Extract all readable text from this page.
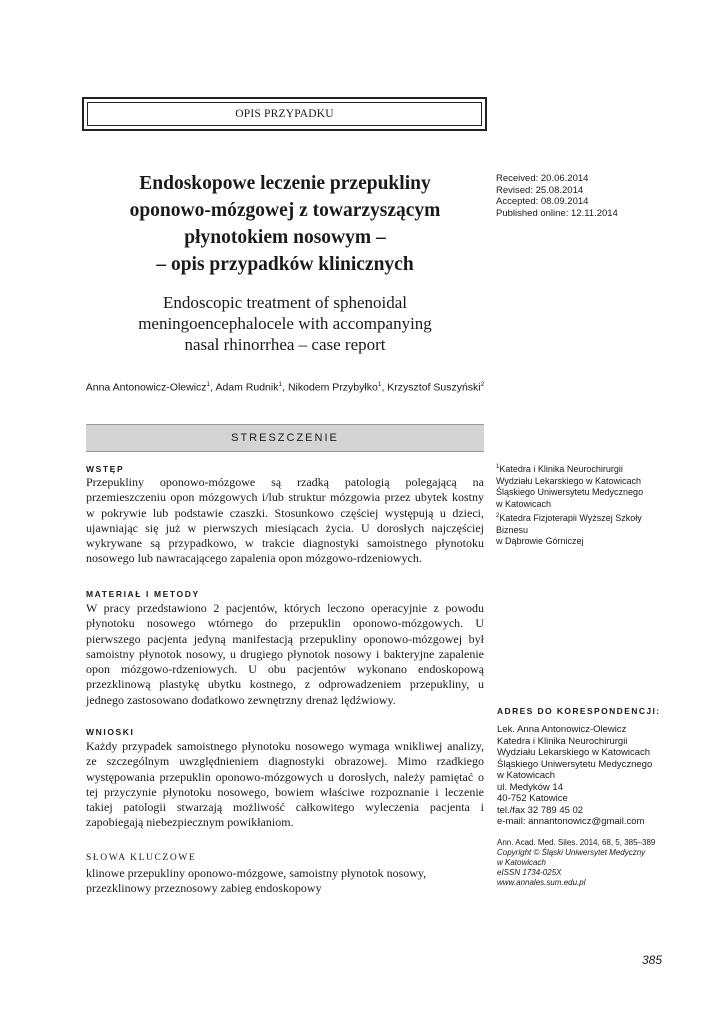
OPIS PRZYPADKU
Endoskopowe leczenie przepukliny
oponowo-mózgowej z towarzyszącym
płynotokiem nosowym –
– opis przypadków klinicznych
Endoscopic treatment of sphenoidal
meningoencephalocele with accompanying
nasal rhinorrhea – case report
Anna Antonowicz-Olewicz$^1$, Adam Rudnik$^1$, Nikodem Przybyłko$^1$, Krzysztof Suszyński$^2$
Received: 20.06.2014
Revised: 25.08.2014
Accepted: 08.09.2014
Published online: 12.11.2014
STRESZCZENIE
WSTĘP
Przepukliny oponowo-mózgowe są rzadką patologią polegającą na przemieszczeniu opon mózgowych i/lub struktur mózgowia przez ubytek kostny w pokrywie lub podstawie czaszki. Stosunkowo częściej występują u dzieci, ujawniając się już w pierwszych miesiącach życia. U dorosłych najczęściej wykrywane są przypadkowo, w trakcie diagnostyki samoistnego płynotoku nosowego lub nawracającego zapalenia opon mózgowo-rdzeniowych.
MATERIAŁ I METODY
W pracy przedstawiono 2 pacjentów, których leczono operacyjnie z powodu płynotoku nosowego wtórnego do przepuklin oponowo-mózgowych. U pierwszego pacjenta jedyną manifestacją przepukliny oponowo-mózgowej był samoistny płynotok nosowy, u drugiego płynotok nosowy i bakteryjne zapalenie opon mózgowo-rdzeniowych. U obu pacjentów wykonano endoskopową przezklinową plastykę ubytku kostnego, z odprowadzeniem przepukliny, u jednego zastosowano dodatkowo zewnętrzny drenaż lędźwiowy.
WNIOSKI
Każdy przypadek samoistnego płynotoku nosowego wymaga wnikliwej analizy, ze szczególnym uwzględnieniem diagnostyki obrazowej. Mimo rzadkiego występowania przepuklin oponowo-mózgowych u dorosłych, należy pamiętać o tej przyczynie płynotoku nosowego, bowiem właściwe rozpoznanie i leczenie takiej patologii stwarzają możliwość całkowitego wyleczenia pacjenta i zapobiegają niebezpiecznym powikłaniom.
SŁOWA KLUCZOWE
klinowe przepukliny oponowo-mózgowe, samoistny płynotok nosowy, przezklinowy przeznosowy zabieg endoskopowy
$^1$Katedra i Klinika Neurochirurgii
Wydziału Lekarskiego w Katowicach
Śląskiego Uniwersytetu Medycznego
w Katowicach
$^2$Katedra Fizjoterapii Wyższej Szkoły Biznesu
w Dąbrowie Górniczej
ADRES DO KORESPONDENCJI:
Lek. Anna Antonowicz-Olewicz
Katedra i Klinika Neurochirurgii
Wydziału Lekarskiego w Katowicach
Śląskiego Uniwersytetu Medycznego
w Katowicach
ul. Medyków 14
40-752 Katowice
tel./fax 32 789 45 02
e-mail: annantonowicz@gmail.com
Ann. Acad. Med. Siles. 2014, 68, 5, 385–389
Copyright © Śląski Uniwersytet Medyczny
w Katowicach
eISSN 1734-025X
www.annales.sum.edu.pl
385
